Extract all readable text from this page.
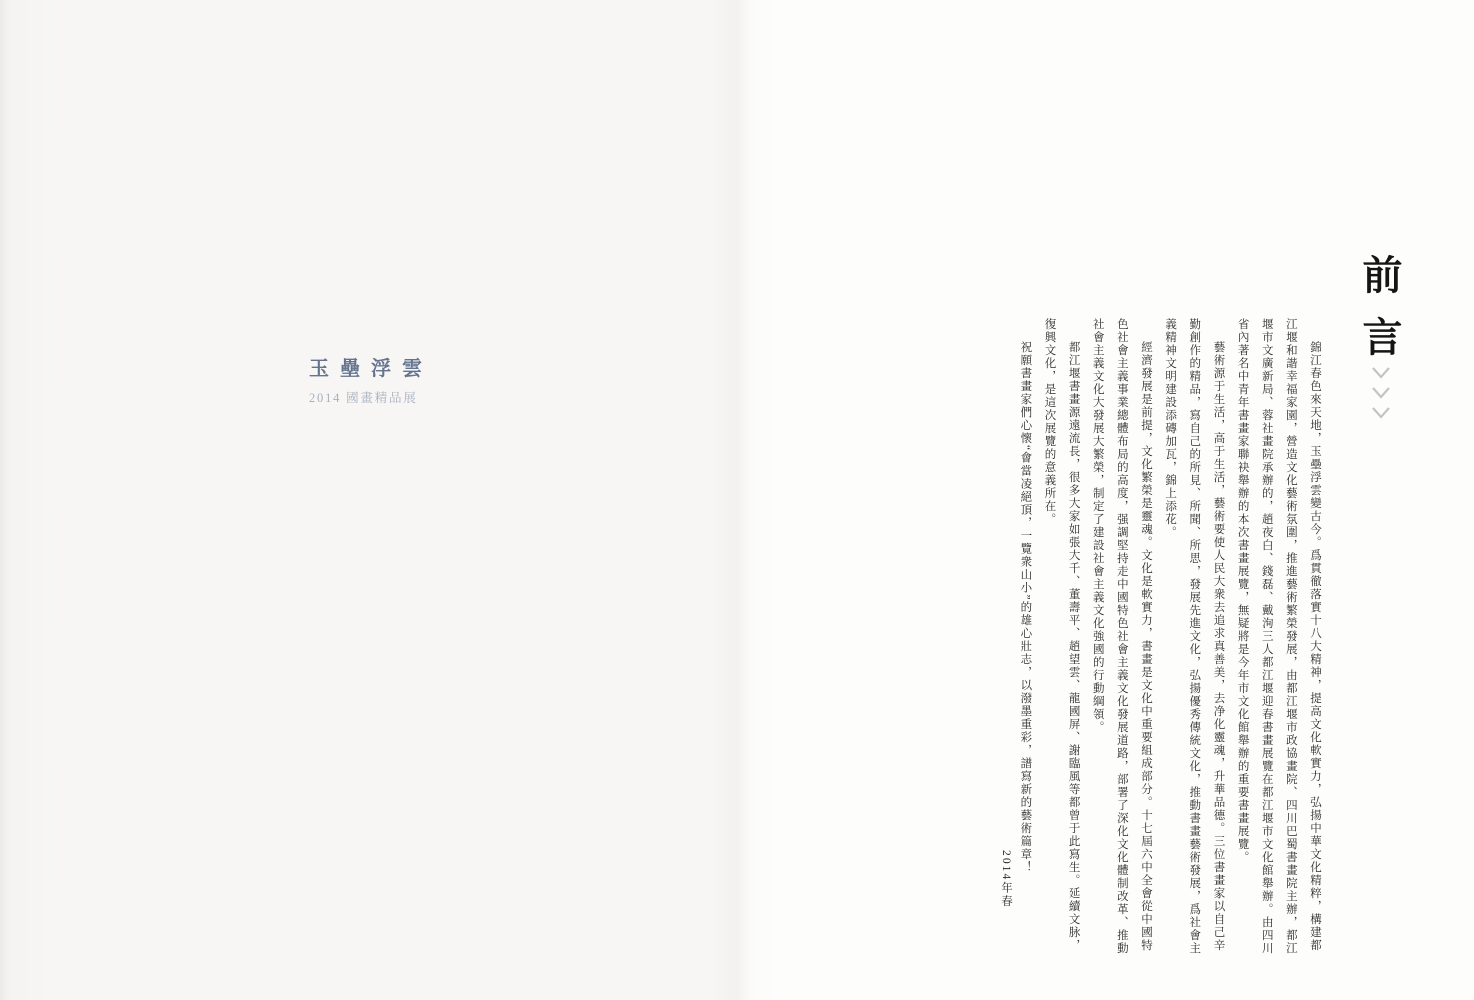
玉壘浮雲
2014 國畫精品展
前言

錦江春色來天地，玉壘浮雲變古今。爲貫徹落實十八大精神，提高文化軟實力，弘揚中華文化精粹，構建都江堰和諧幸福家園，營造文化藝術氛圍，推進藝術繁榮發展，由都江堰市政協畫院、四川巴蜀書畫院主辦，都江堰市文廣新局、蓉社畫院承辦的，趙夜白、錢磊、戴洵三人都江堰迎春書畫展覽在都江堰市文化館舉辦。由四川省內著名中青年書畫家聯袂舉辦的本次書畫展覽，無疑將是今年市文化館舉辦的重要書畫展覽。

藝術源于生活，高于生活，藝術要使人民大衆去追求真善美，去净化靈魂，升華品德。三位書畫家以自己辛勤創作的精品，寫自己的所見、所聞、所思，發展先進文化，弘揚優秀傳統文化，推動書畫藝術發展，爲社會主義精神文明建設添磚加瓦，錦上添花。

經濟發展是前提，文化繁榮是靈魂。文化是軟實力，書畫是文化中重要組成部分。十七屆六中全會從中國特色社會主義事業總體布局的高度，强調堅持走中國特色社會主義文化發展道路，部署了深化文化體制改革、推動社會主義文化大發展大繁榮，制定了建設社會主義文化強國的行動綱領。

都江堰書畫源遠流長，很多大家如張大千、董壽平、趙望雲、龍國屏、謝臨風等都曾于此寫生。延續文脉，復興文化，是這次展覽的意義所在。

祝願書畫家們心懷“會當凌絕頂，一覽衆山小”的雄心壯志，以潑墨重彩，譜寫新的藝術篇章！

2014年春
